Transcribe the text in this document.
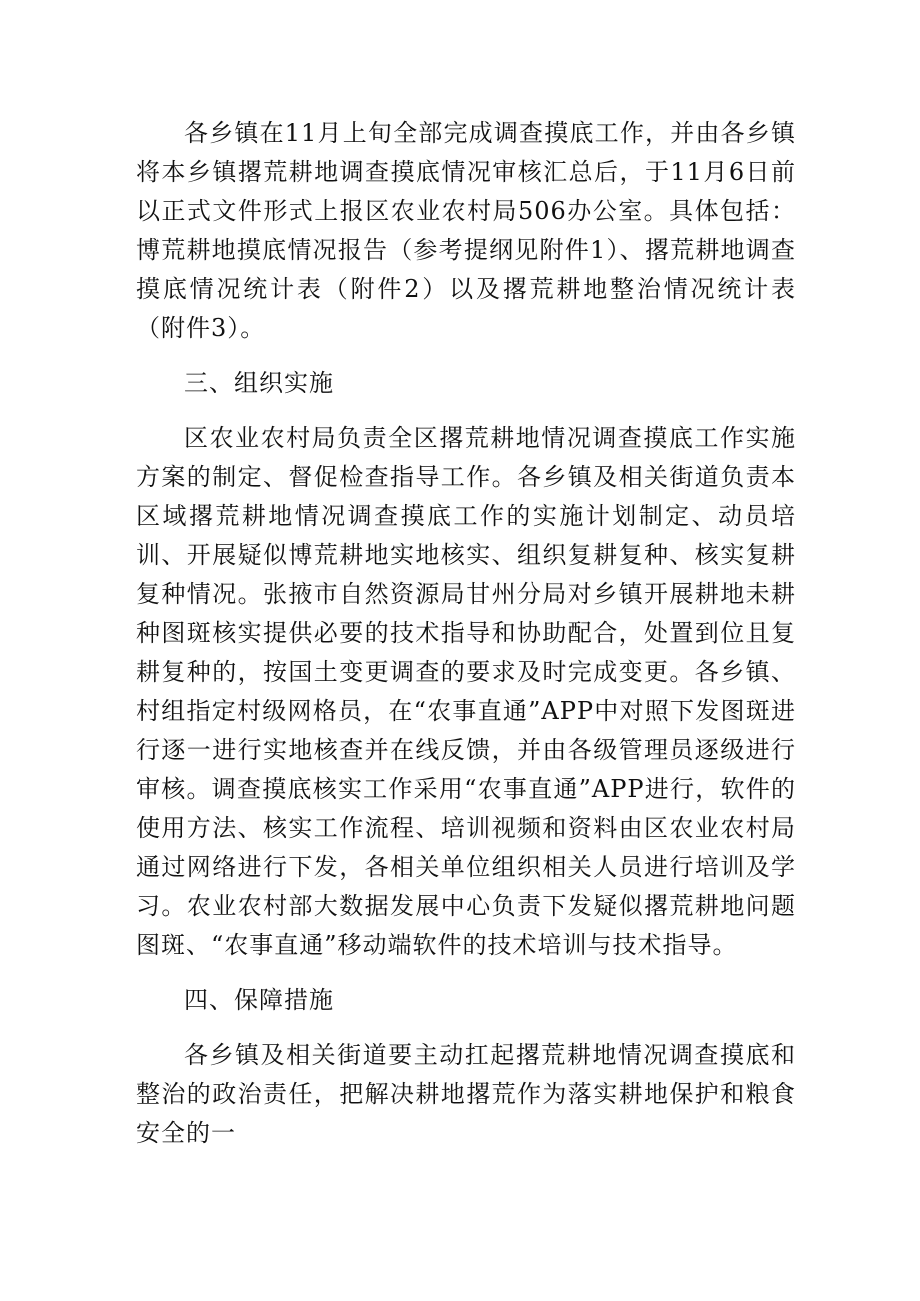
各乡镇在11月上旬全部完成调查摸底工作，并由各乡镇将本乡镇撂荒耕地调查摸底情况审核汇总后，于11月6日前以正式文件形式上报区农业农村局506办公室。具体包括：博荒耕地摸底情况报告（参考提纲见附件1）、撂荒耕地调查摸底情况统计表（附件2）以及撂荒耕地整治情况统计表（附件3）。

三、组织实施

区农业农村局负责全区撂荒耕地情况调查摸底工作实施方案的制定、督促检查指导工作。各乡镇及相关街道负责本区域撂荒耕地情况调查摸底工作的实施计划制定、动员培训、开展疑似博荒耕地实地核实、组织复耕复种、核实复耕复种情况。张掖市自然资源局甘州分局对乡镇开展耕地未耕种图斑核实提供必要的技术指导和协助配合，处置到位且复耕复种的，按国土变更调查的要求及时完成变更。各乡镇、村组指定村级网格员，在“农事直通”APP中对照下发图斑进行逐一进行实地核查并在线反馈，并由各级管理员逐级进行审核。调查摸底核实工作采用“农事直通”APP进行，软件的使用方法、核实工作流程、培训视频和资料由区农业农村局通过网络进行下发，各相关单位组织相关人员进行培训及学习。农业农村部大数据发展中心负责下发疑似撂荒耕地问题图斑、“农事直通”移动端软件的技术培训与技术指导。

四、保障措施

各乡镇及相关街道要主动扛起撂荒耕地情况调查摸底和整治的政治责任，把解决耕地撂荒作为落实耕地保护和粮食安全的一
